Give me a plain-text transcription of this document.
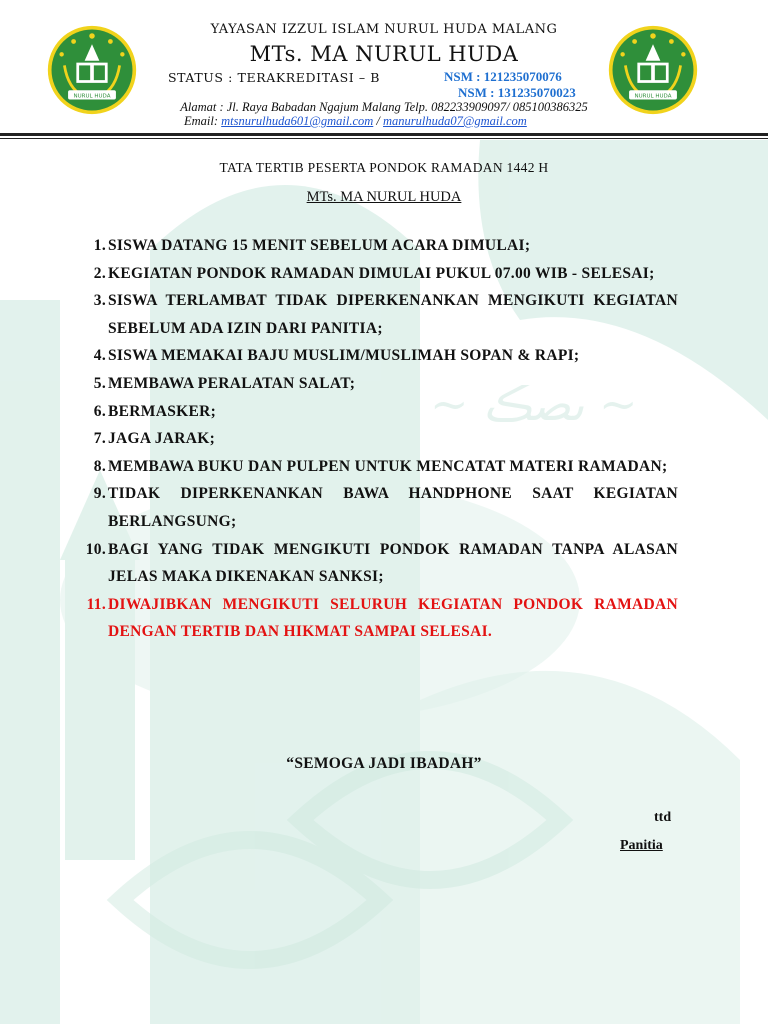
~ ىصڪ ~
NURUL HUDA	NURUL HUDA
YAYASAN IZZUL ISLAM NURUL HUDA MALANG
MTs. MA NURUL HUDA
STATUS : TERAKREDITASI – B	NSM : 121235070076
NSM : 131235070023
Alamat : Jl. Raya Babadan Ngajum Malang Telp. 082233909097/ 085100386325
Email: mtsnurulhuda601@gmail.com / manurulhuda07@gmail.com
TATA TERTIB PESERTA PONDOK RAMADAN 1442 H
MTs. MA NURUL HUDA
1. SISWA DATANG 15 MENIT SEBELUM ACARA DIMULAI;
2. KEGIATAN PONDOK RAMADAN DIMULAI PUKUL 07.00 WIB - SELESAI;
3. SISWA TERLAMBAT TIDAK DIPERKENANKAN MENGIKUTI KEGIATAN SEBELUM ADA IZIN DARI PANITIA;
4. SISWA MEMAKAI BAJU MUSLIM/MUSLIMAH SOPAN & RAPI;
5. MEMBAWA PERALATAN SALAT;
6. BERMASKER;
7. JAGA JARAK;
8. MEMBAWA BUKU DAN PULPEN UNTUK MENCATAT MATERI RAMADAN;
9. TIDAK DIPERKENANKAN BAWA HANDPHONE SAAT KEGIATAN BERLANGSUNG;
10. BAGI YANG TIDAK MENGIKUTI PONDOK RAMADAN TANPA ALASAN JELAS MAKA DIKENAKAN SANKSI;
11. DIWAJIBKAN MENGIKUTI SELURUH KEGIATAN PONDOK RAMADAN DENGAN TERTIB DAN HIKMAT SAMPAI SELESAI.
“SEMOGA JADI IBADAH”
ttd
Panitia
